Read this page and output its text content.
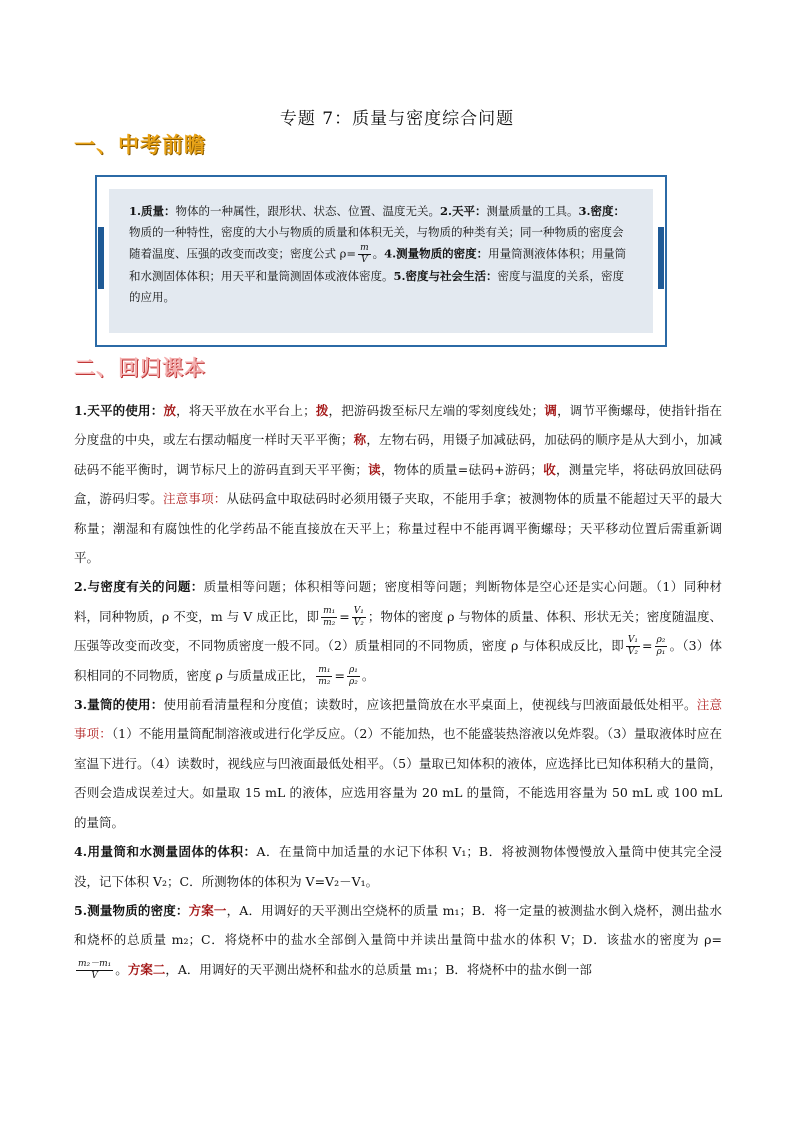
专题 7：质量与密度综合问题
一、中考前瞻
1.质量：物体的一种属性，跟形状、状态、位置、温度无关。2.天平：测量质量的工具。3.密度：物质的一种特性，密度的大小与物质的质量和体积无关，与物质的种类有关；同一种物质的密度会随着温度、压强的改变而改变；密度公式 $\rho= \frac{m}{V}$ 。4.测量物质的密度：用量筒测液体体积；用量筒和水测固体体积；用天平和量筒测固体或液体密度。5.密度与社会生活：密度与温度的关系，密度的应用。
二、回归课本

1.天平的使用：放，将天平放在水平台上；拨，把游码拨至标尺左端的零刻度线处；调，调节平衡螺母，使指针指在分度盘的中央，或左右摆动幅度一样时天平平衡；称，左物右码，用镊子加减砝码，加砝码的顺序是从大到小，加减砝码不能平衡时，调节标尺上的游码直到天平平衡；读，物体的质量=砝码+游码；收，测量完毕，将砝码放回砝码盒，游码归零。注意事项：从砝码盒中取砝码时必须用镊子夹取，不能用手拿；被测物体的质量不能超过天平的最大称量；潮湿和有腐蚀性的化学药品不能直接放在天平上；称量过程中不能再调平衡螺母；天平移动位置后需重新调平。

2.与密度有关的问题：质量相等问题；体积相等问题；密度相等问题；判断物体是空心还是实心问题。（1）同种材料，同种物质，ρ 不变，m 与 V 成正比，即 $\frac{\text{m₁}}{\text{m₂}} = \frac{\text{V₁}}{\text{V₂}}$ ；物体的密度 ρ 与物体的质量、体积、形状无关；密度随温度、压强等改变而改变，不同物质密度一般不同。（2）质量相同的不同物质，密度 ρ 与体积成反比，即 $\frac{\text{V₁}}{\text{V₂}} = \frac{\text{ρ₂}}{\text{ρ₁}}$ 。（3）体积相同的不同物质，密度 ρ 与质量成正比， $\frac{\text{m₁}}{\text{m₂}} = \frac{\text{ρ₁}}{\text{ρ₂}}$ 。

3.量筒的使用：使用前看清量程和分度值；读数时，应该把量筒放在水平桌面上，使视线与凹液面最低处相平。注意事项：（1）不能用量筒配制溶液或进行化学反应。（2）不能加热，也不能盛装热溶液以免炸裂。（3）量取液体时应在室温下进行。（4）读数时，视线应与凹液面最低处相平。（5）量取已知体积的液体，应选择比已知体积稍大的量筒，否则会造成误差过大。如量取 15 mL 的液体，应选用容量为 20 mL 的量筒，不能选用容量为 50 mL 或 100 mL 的量筒。

4.用量筒和水测量固体的体积：A．在量筒中加适量的水记下体积 V₁；B．将被测物体慢慢放入量筒中使其完全浸没，记下体积 V₂；C．所测物体的体积为 V=V₂－V₁。

5.测量物质的密度：方案一，A．用调好的天平测出空烧杯的质量 m₁；B．将一定量的被测盐水倒入烧杯，测出盐水和烧杯的总质量 m₂；C．将烧杯中的盐水全部倒入量筒中并读出量筒中盐水的体积 V；D．该盐水的密度为 ρ=
$\frac{\text{m₂－m₁}}{V}$ 。方案二，A．用调好的天平测出烧杯和盐水的总质量 m₁；B．将烧杯中的盐水倒一部
